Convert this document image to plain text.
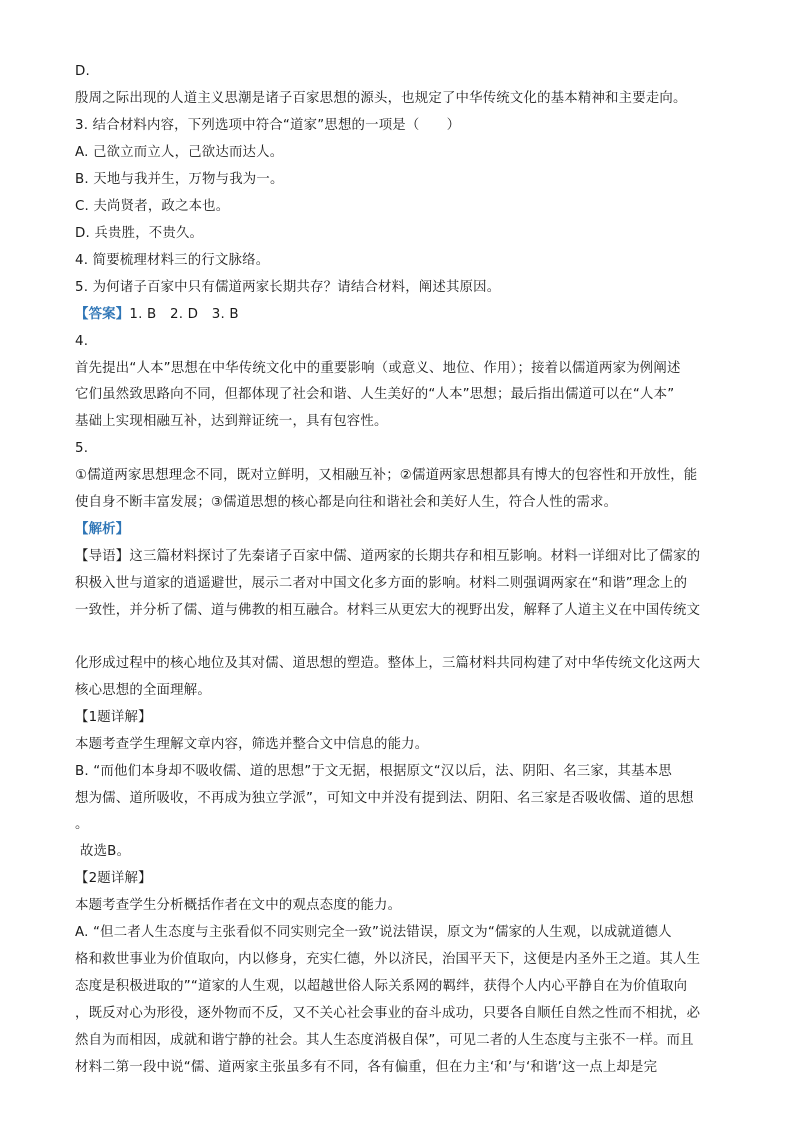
D.
殷周之际出现的人道主义思潮是诸子百家思想的源头，也规定了中华传统文化的基本精神和主要走向。
3. 结合材料内容，下列选项中符合“道家”思想的一项是（　　）
A. 己欲立而立人，己欲达而达人。
B. 天地与我并生，万物与我为一。
C. 夫尚贤者，政之本也。
D. 兵贵胜，不贵久。
4. 简要梳理材料三的行文脉络。
5. 为何诸子百家中只有儒道两家长期共存？请结合材料，阐述其原因。
【答案】1. B　2. D　3. B
4.
首先提出“人本”思想在中华传统文化中的重要影响（或意义、地位、作用）；接着以儒道两家为例阐述
它们虽然致思路向不同，但都体现了社会和谐、人生美好的“人本”思想；最后指出儒道可以在“人本”
基础上实现相融互补，达到辩证统一，具有包容性。
5.
①儒道两家思想理念不同，既对立鲜明，又相融互补；②儒道两家思想都具有博大的包容性和开放性，能
使自身不断丰富发展；③儒道思想的核心都是向往和谐社会和美好人生，符合人性的需求。
【解析】
【导语】这三篇材料探讨了先秦诸子百家中儒、道两家的长期共存和相互影响。材料一详细对比了儒家的
积极入世与道家的逍遥避世，展示二者对中国文化多方面的影响。材料二则强调两家在“和谐”理念上的
一致性，并分析了儒、道与佛教的相互融合。材料三从更宏大的视野出发，解释了人道主义在中国传统文
化形成过程中的核心地位及其对儒、道思想的塑造。整体上，三篇材料共同构建了对中华传统文化这两大
核心思想的全面理解。
【1题详解】
本题考查学生理解文章内容，筛选并整合文中信息的能力。
B. “而他们本身却不吸收儒、道的思想”于文无据，根据原文“汉以后，法、阴阳、名三家，其基本思
想为儒、道所吸收，不再成为独立学派”，可知文中并没有提到法、阴阳、名三家是否吸收儒、道的思想
。
故选B。
【2题详解】
本题考查学生分析概括作者在文中的观点态度的能力。
A. “但二者人生态度与主张看似不同实则完全一致”说法错误，原文为“儒家的人生观，以成就道德人
格和救世事业为价值取向，内以修身，充实仁德，外以济民，治国平天下，这便是内圣外王之道。其人生
态度是积极进取的”“道家的人生观，以超越世俗人际关系网的羁绊，获得个人内心平静自在为价值取向
，既反对心为形役，逐外物而不反，又不关心社会事业的奋斗成功，只要各自顺任自然之性而不相扰，必
然自为而相因，成就和谐宁静的社会。其人生态度消极自保”，可见二者的人生态度与主张不一样。而且
材料二第一段中说“儒、道两家主张虽多有不同，各有偏重，但在力主‘和’与‘和谐’这一点上却是完
